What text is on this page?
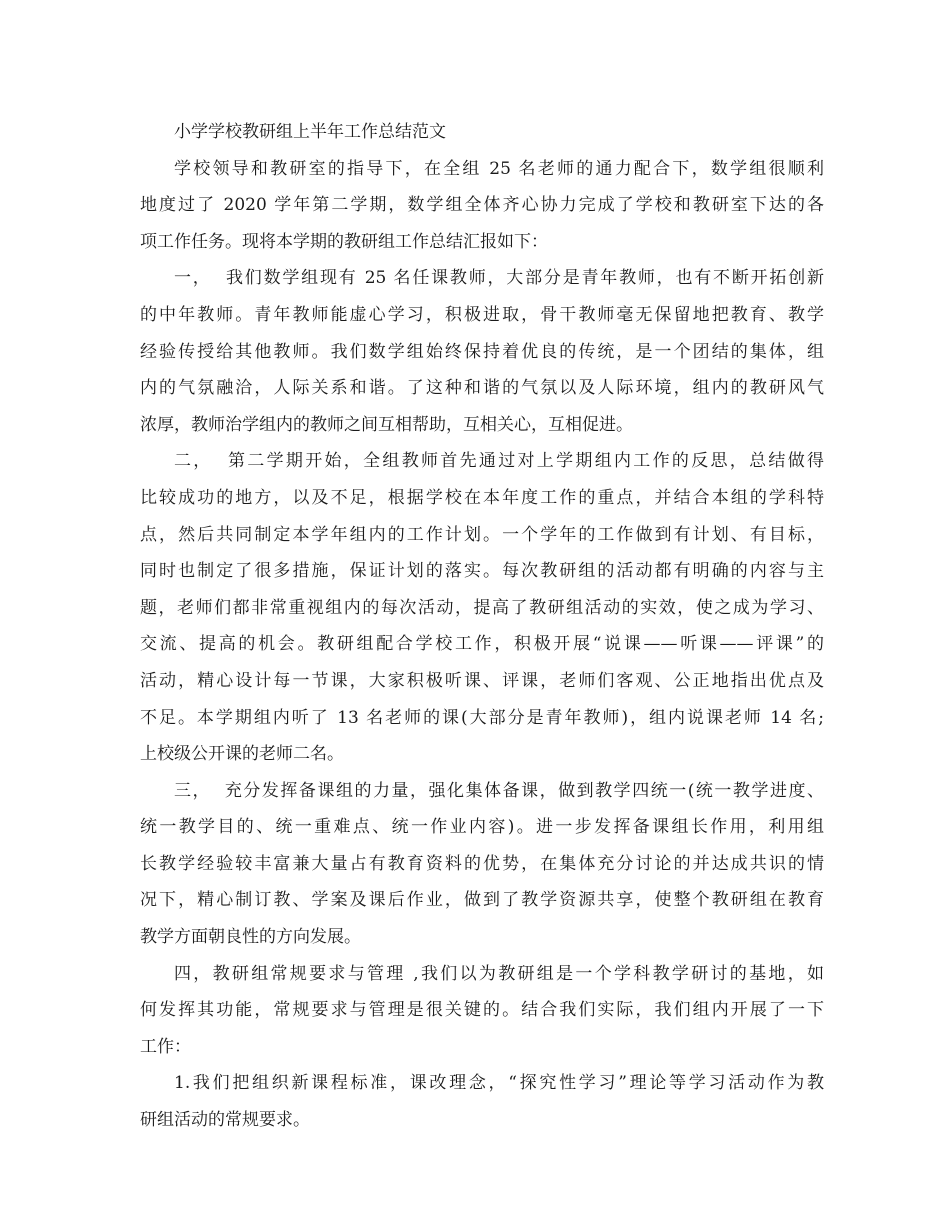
小学学校教研组上半年工作总结范文
学校领导和教研室的指导下，在全组 25 名老师的通力配合下，数学组很顺利
地度过了 2020 学年第二学期，数学组全体齐心协力完成了学校和教研室下达的各
项工作任务。现将本学期的教研组工作总结汇报如下：
一，  我们数学组现有 25 名任课教师，大部分是青年教师，也有不断开拓创新
的中年教师。青年教师能虚心学习，积极进取，骨干教师毫无保留地把教育、教学
经验传授给其他教师。我们数学组始终保持着优良的传统，是一个团结的集体，组
内的气氛融洽，人际关系和谐。了这种和谐的气氛以及人际环境，组内的教研风气
浓厚，教师治学组内的教师之间互相帮助，互相关心，互相促进。
二，  第二学期开始，全组教师首先通过对上学期组内工作的反思，总结做得
比较成功的地方，以及不足，根据学校在本年度工作的重点，并结合本组的学科特
点，然后共同制定本学年组内的工作计划。一个学年的工作做到有计划、有目标，
同时也制定了很多措施，保证计划的落实。每次教研组的活动都有明确的内容与主
题，老师们都非常重视组内的每次活动，提高了教研组活动的实效，使之成为学习、
交流、提高的机会。教研组配合学校工作，积极开展“说课——听课——评课”的
活动，精心设计每一节课，大家积极听课、评课，老师们客观、公正地指出优点及
不足。本学期组内听了 13 名老师的课(大部分是青年教师)，组内说课老师 14 名;
上校级公开课的老师二名。
三，  充分发挥备课组的力量，强化集体备课，做到教学四统一(统一教学进度、
统一教学目的、统一重难点、统一作业内容)。进一步发挥备课组长作用，利用组
长教学经验较丰富兼大量占有教育资料的优势，在集体充分讨论的并达成共识的情
况下，精心制订教、学案及课后作业，做到了教学资源共享，使整个教研组在教育
教学方面朝良性的方向发展。
四，教研组常规要求与管理 ,我们以为教研组是一个学科教学研讨的基地，如
何发挥其功能，常规要求与管理是很关键的。结合我们实际，我们组内开展了一下
工作：
1.我们把组织新课程标准，课改理念，“探究性学习”理论等学习活动作为教
研组活动的常规要求。
